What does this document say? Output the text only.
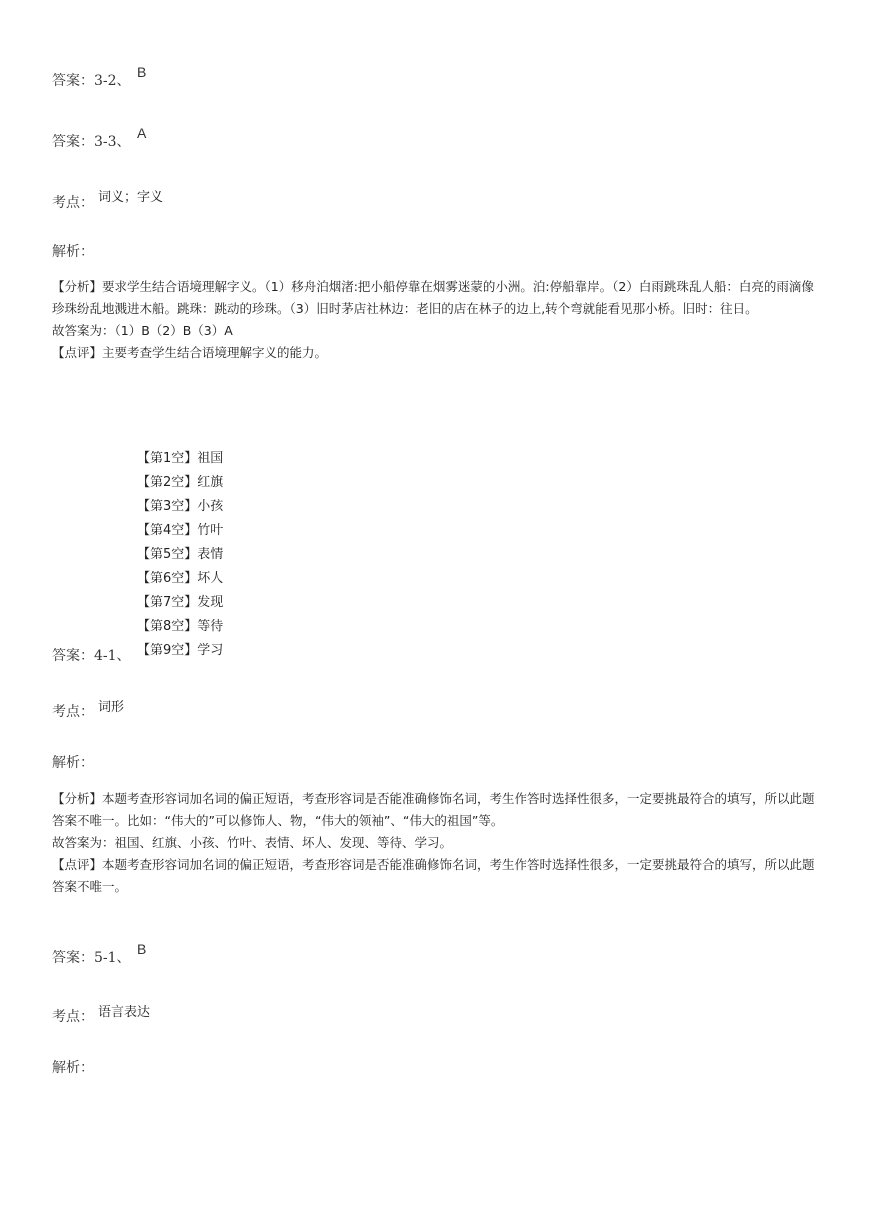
答案：3-2、
B
答案：3-3、
A
考点： 词义；字义
解析：

【分析】要求学生结合语境理解字义。（1）移舟泊烟渚:把小船停靠在烟雾迷蒙的小洲。泊:停船靠岸。（2）白雨跳珠乱人船：白亮的雨滴像珍珠纷乱地溅进木船。跳珠：跳动的珍珠。（3）旧时茅店社林边：老旧的店在林子的边上,转个弯就能看见那小桥。旧时：往日。

故答案为：（1）B（2）B（3）A

【点评】主要考查学生结合语境理解字义的能力。

【第1空】祖国
【第2空】红旗
【第3空】小孩
【第4空】竹叶
【第5空】表情
【第6空】坏人
【第7空】发现
【第8空】等待
【第9空】学习
答案：4-1、
考点： 词形
解析：

【分析】本题考查形容词加名词的偏正短语，考查形容词是否能准确修饰名词，考生作答时选择性很多，一定要挑最符合的填写，所以此题答案不唯一。比如：“伟大的”可以修饰人、物，“伟大的领袖”、“伟大的祖国”等。

故答案为：祖国、红旗、小孩、竹叶、表情、坏人、发现、等待、学习。

【点评】本题考查形容词加名词的偏正短语，考查形容词是否能准确修饰名词，考生作答时选择性很多，一定要挑最符合的填写，所以此题答案不唯一。

答案：5-1、
B
考点： 语言表达
解析：
